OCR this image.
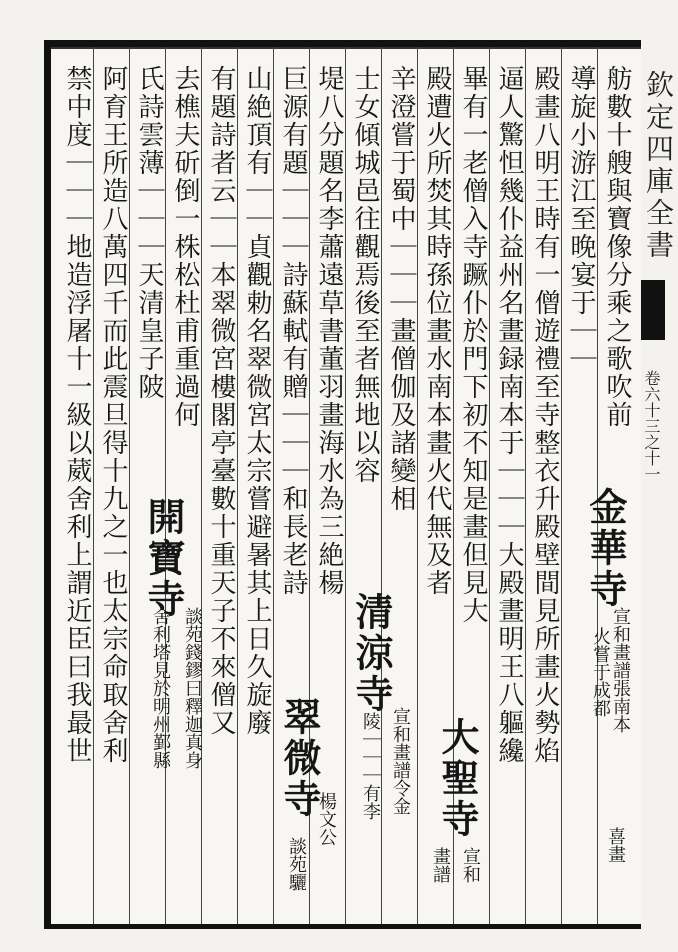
欽定四庫全書
卷六十三之十一
舫數十艘與寶像分乘之歌吹前
導旋小游江至晚宴于｜｜
殿畫八明王時有一僧遊禮至寺整衣升殿壁間見所畫火勢焰
逼人驚怛幾仆益州名畫録南本于｜｜｜大殿畫明王八軀纔
畢有一老僧入寺蹶仆於門下初不知是畫但見大
殿遭火所焚其時孫位畫水南本畫火代無及者
辛澄嘗于蜀中｜｜｜畫僧伽及諸變相
士女傾城邑往觀焉後至者無地以容
堤八分題名李蕭遠草書董羽畫海水為三絶楊
巨源有題｜｜｜詩蘇軾有贈｜｜｜和長老詩
山絶頂有｜｜貞觀勅名翠微宮太宗嘗避暑其上日久旋廢
有題詩者云｜｜本翠微宮樓閣亭臺數十重天子不來僧又
去樵夫斫倒一株松杜甫重過何
氏詩雲薄｜｜｜天清皇子陂
阿育王所造八萬四千而此震旦得十九之一也太宗命取舍利
禁中度｜｜｜地造浮屠十一級以葳舍利上謂近臣曰我最世	金華寺
宣和畫譜張南本
火嘗于成都
喜畫
大聖寺
宣和
畫譜
清涼寺
宣和畫譜令金
陵｜｜｜有李
翠微寺
楊文公
談苑驪
開寶寺
談苑錢鏐曰釋迦真身
舍利塔見於明州鄞縣
